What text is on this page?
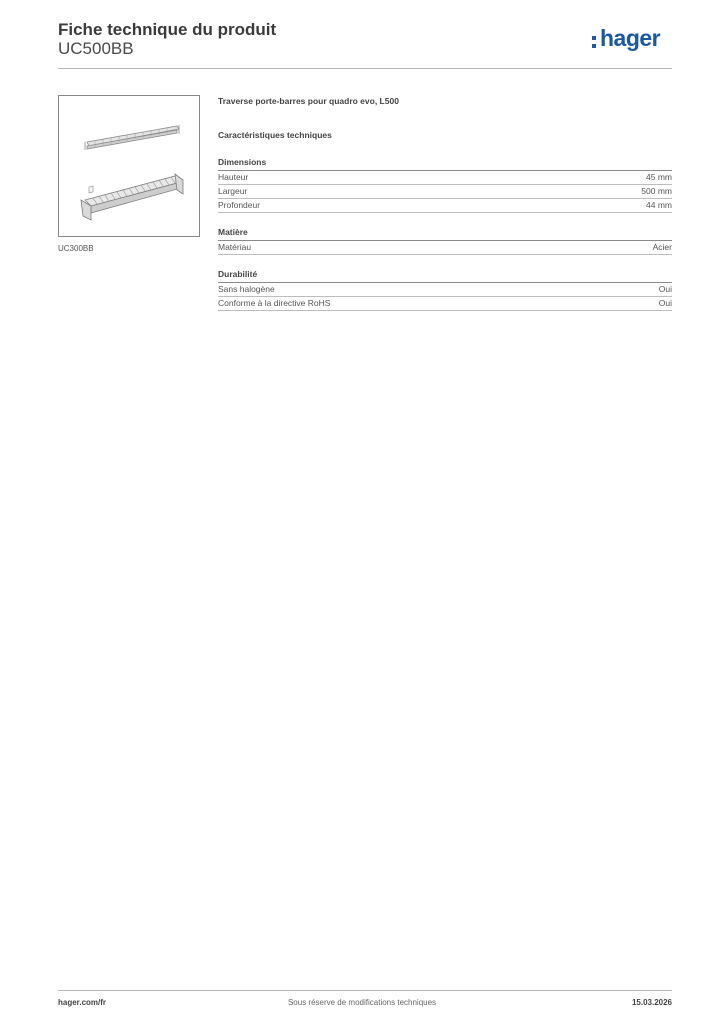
Fiche technique du produit
UC500BB	hager
UC300BB

Traverse porte-barres pour quadro evo, L500

Caractéristiques techniques

Dimensions
Hauteur	45 mm
Largeur	500 mm
Profondeur	44 mm
Matière
Matériau	Acier
Durabilité
Sans halogène	Oui
Conforme à la directive RoHS	Oui
Sous réserve de modifications techniques
hager.com/fr	15.03.2026
